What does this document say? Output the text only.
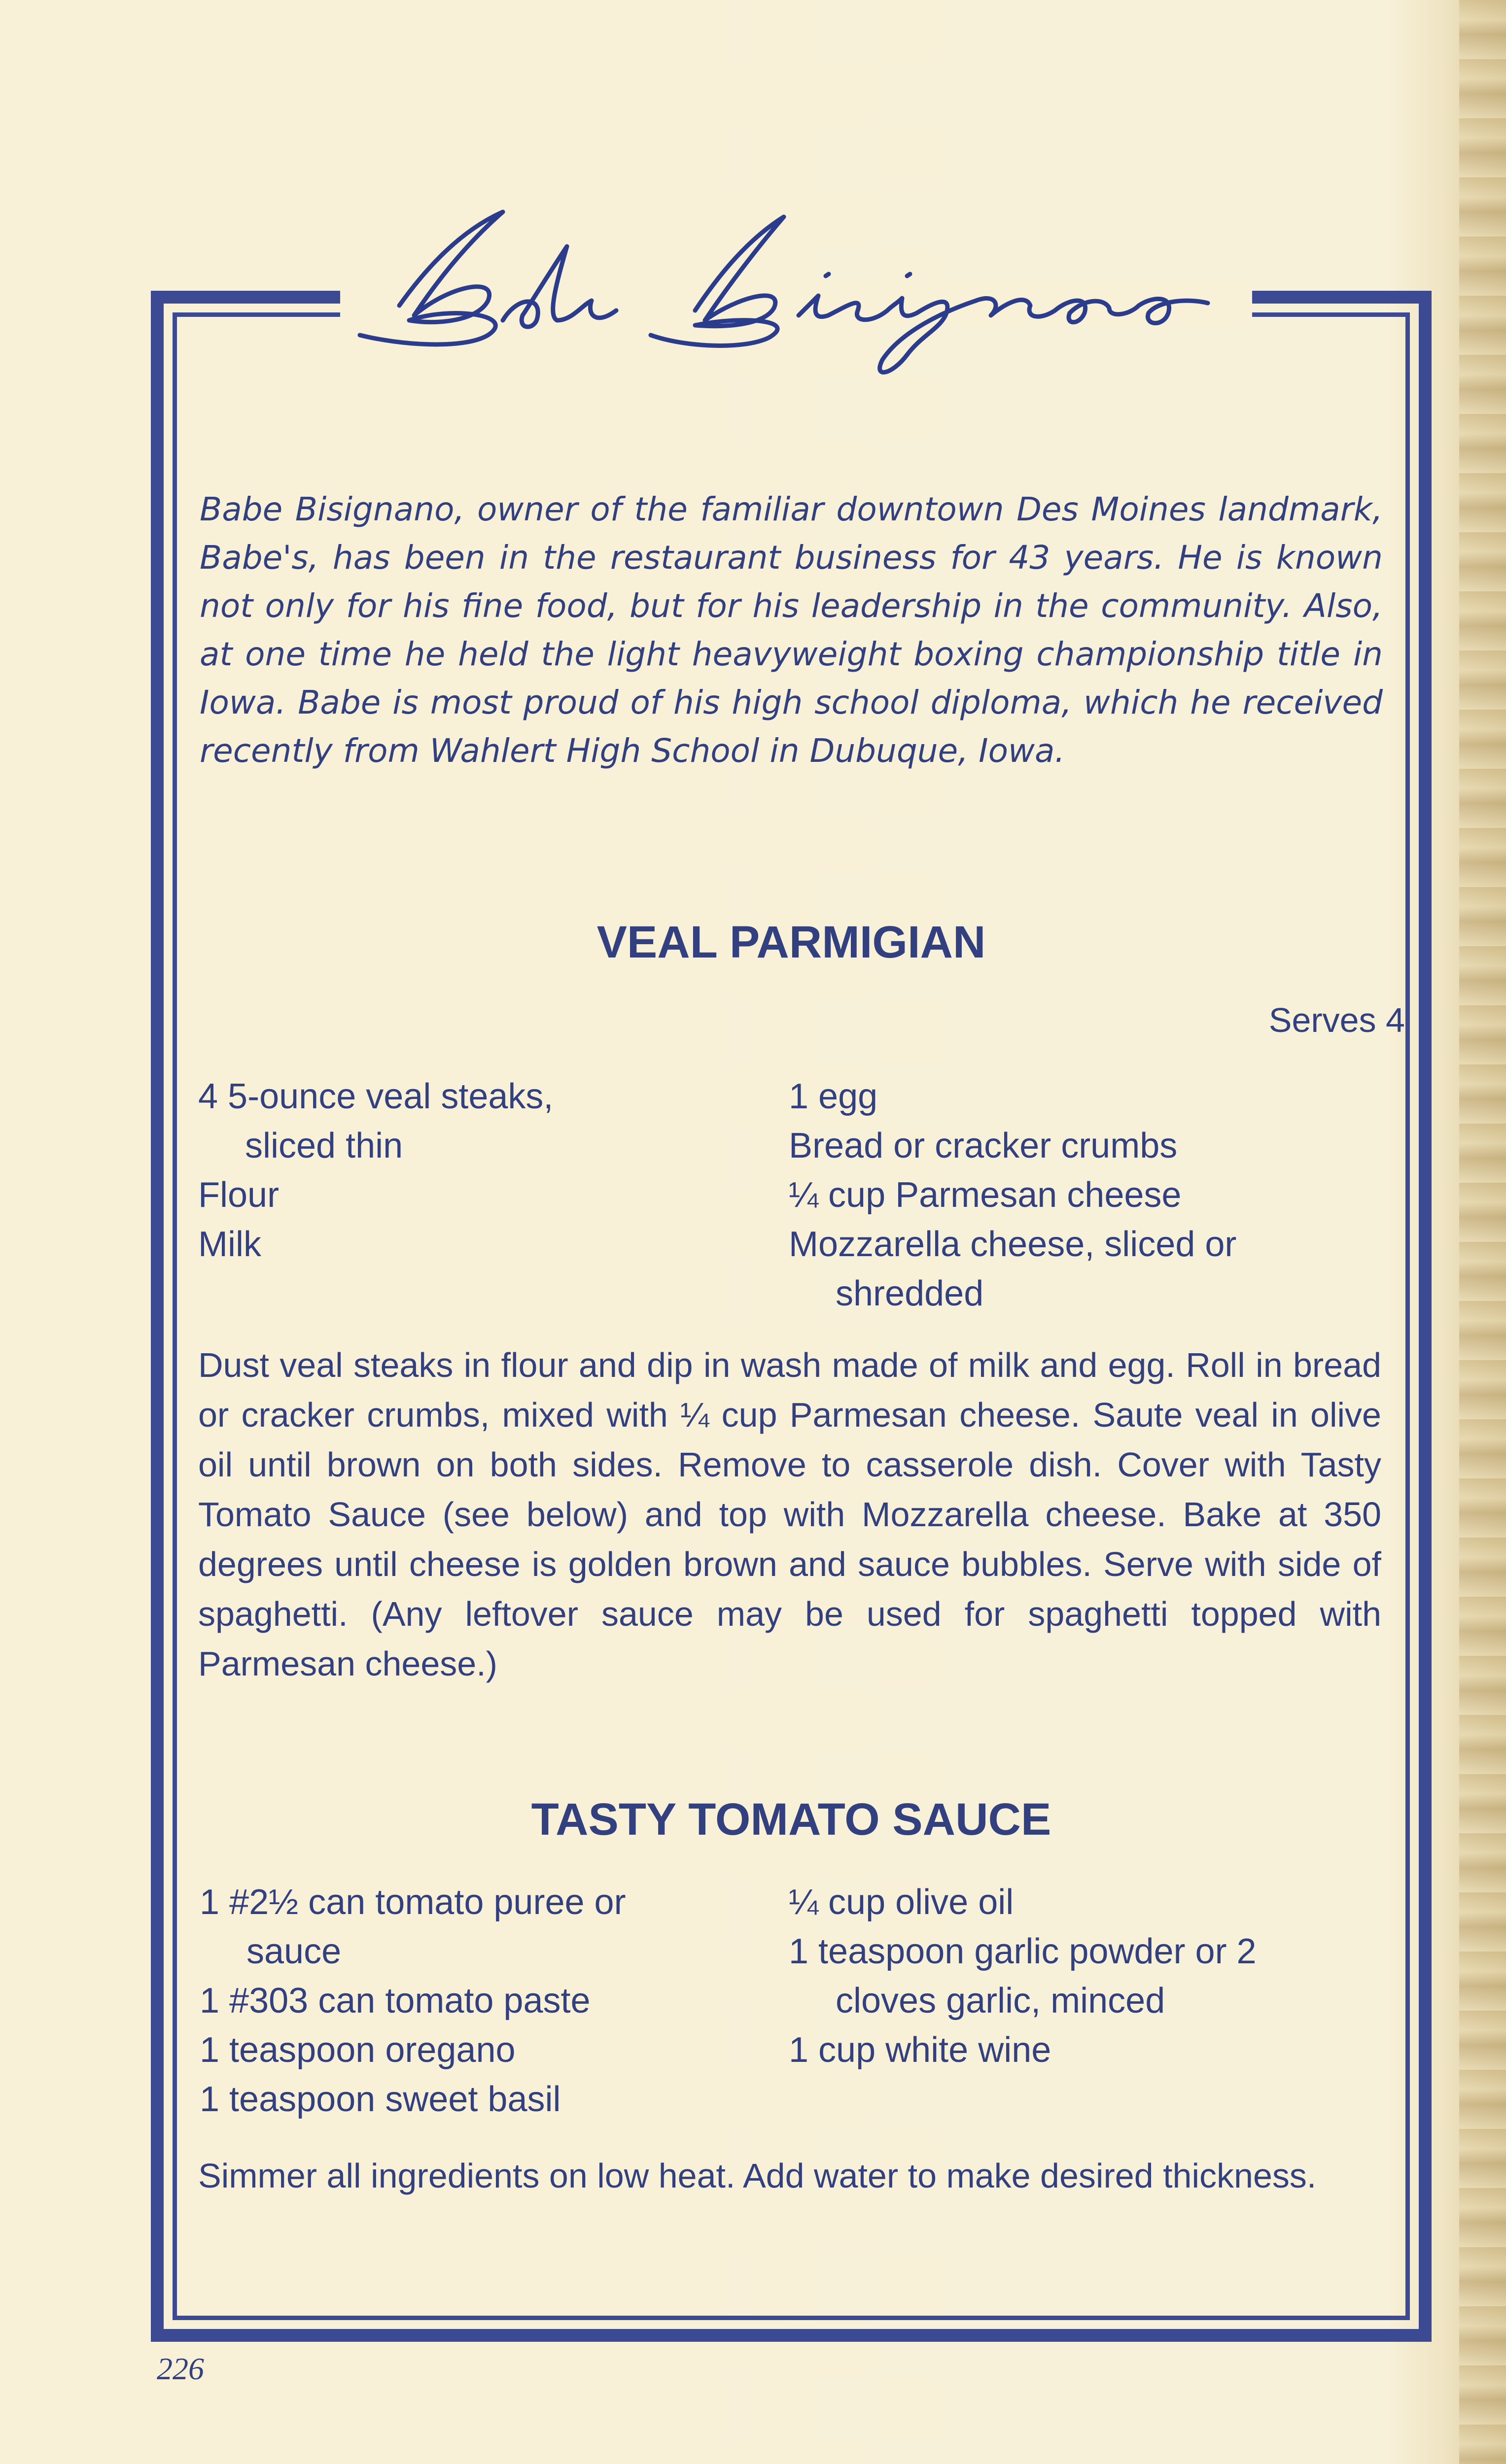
Babe Bisignano, owner of the familiar downtown Des Moines landmark, Babe's, has been in the restaurant business for 43 years. He is known not only for his fine food, but for his leadership in the community. Also, at one time he held the light heavyweight boxing championship title in Iowa. Babe is most proud of his high school diploma, which he received recently from Wahlert High School in Dubuque, Iowa.

VEAL PARMIGIAN
Serves 4
4 5-ounce veal steaks,
sliced thin
Flour
Milk
1 egg
Bread or cracker crumbs
¼ cup Parmesan cheese
Mozzarella cheese, sliced or
shredded

Dust veal steaks in flour and dip in wash made of milk and egg. Roll in bread or cracker crumbs, mixed with ¼ cup Parmesan cheese. Saute veal in olive oil until brown on both sides. Remove to casserole dish. Cover with Tasty Tomato Sauce (see below) and top with Mozzarella cheese. Bake at 350 degrees until cheese is golden brown and sauce bubbles. Serve with side of spaghetti. (Any leftover sauce may be used for spaghetti topped with Parmesan cheese.)

TASTY TOMATO SAUCE
1 #2½ can tomato puree or
sauce
1 #303 can tomato paste
1 teaspoon oregano
1 teaspoon sweet basil
¼ cup olive oil
1 teaspoon garlic powder or 2
cloves garlic, minced
1 cup white wine

Simmer all ingredients on low heat. Add water to make desired thickness.

226
